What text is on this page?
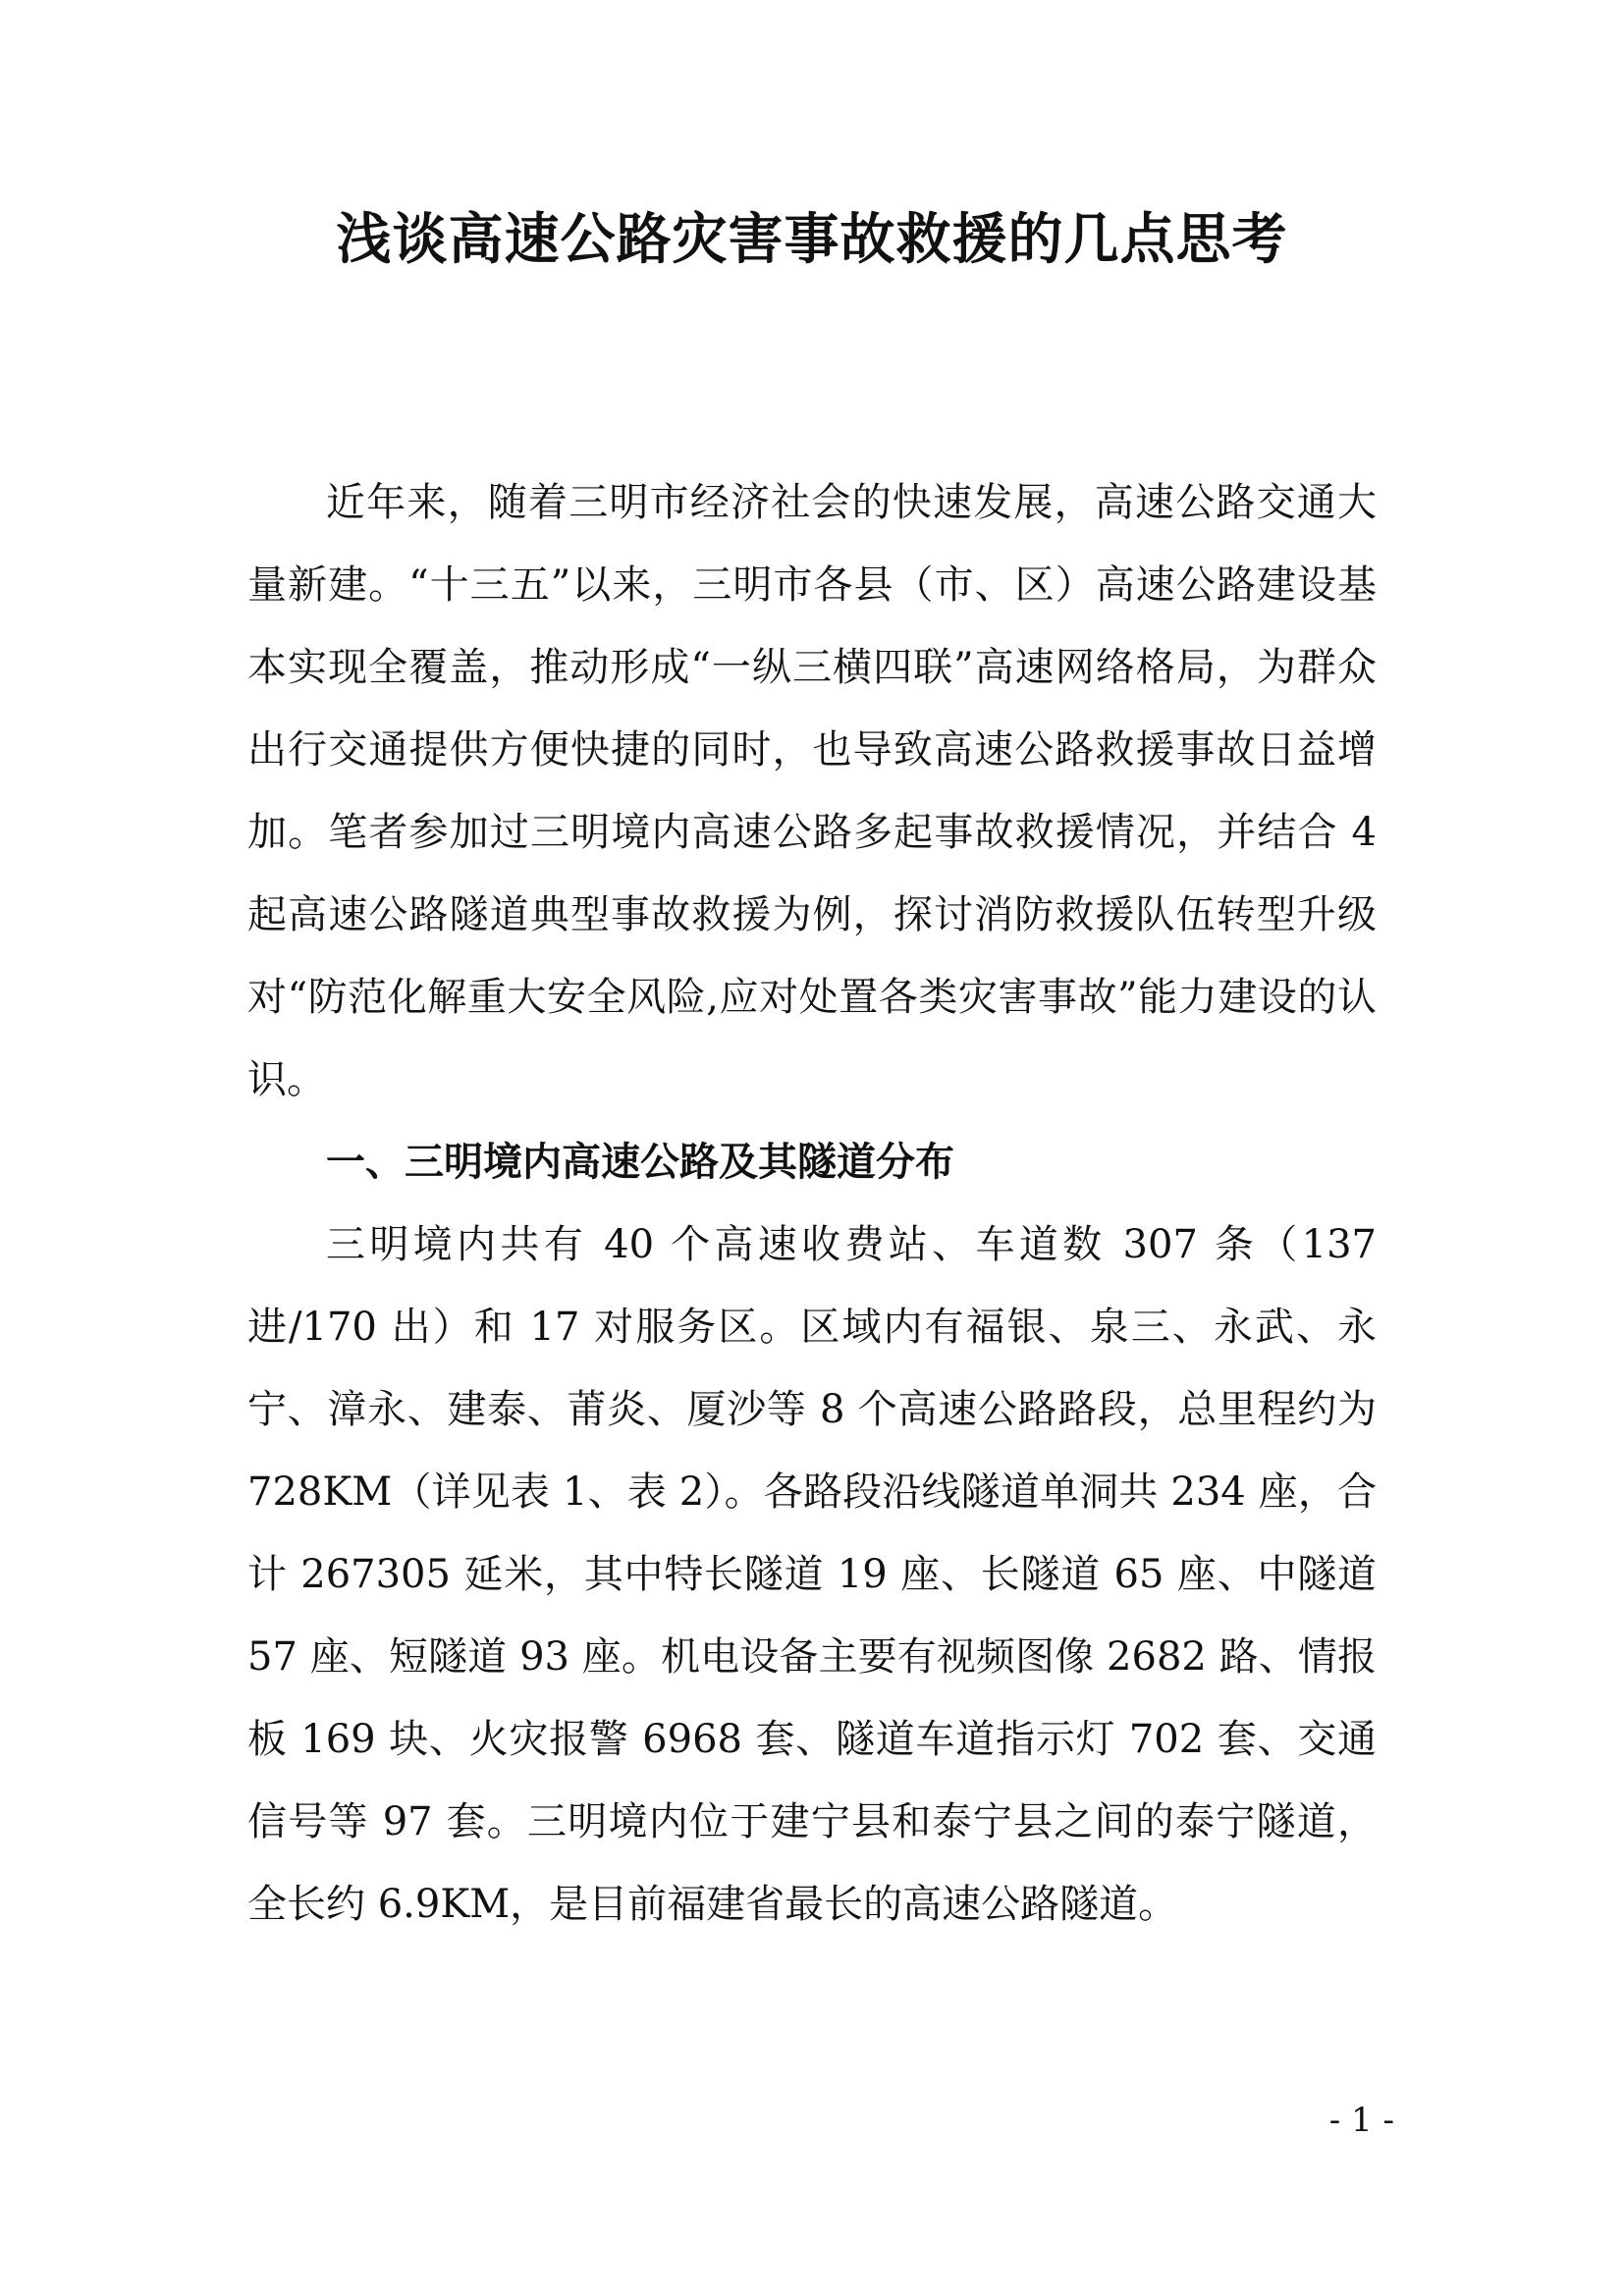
浅谈高速公路灾害事故救援的几点思考

近年来，随着三明市经济社会的快速发展，高速公路交通大量新建。“十三五”以来，三明市各县（市、区）高速公路建设基本实现全覆盖，推动形成“一纵三横四联”高速网络格局，为群众出行交通提供方便快捷的同时，也导致高速公路救援事故日益增加。笔者参加过三明境内高速公路多起事故救援情况，并结合 4 起高速公路隧道典型事故救援为例，探讨消防救援队伍转型升级对“防范化解重大安全风险,应对处置各类灾害事故”能力建设的认识。

一、三明境内高速公路及其隧道分布

三明境内共有 40 个高速收费站、车道数 307 条（137 进/170 出）和 17 对服务区。区域内有福银、泉三、永武、永宁、漳永、建泰、莆炎、厦沙等 8 个高速公路路段，总里程约为 728KM（详见表 1、表 2）。各路段沿线隧道单洞共 234 座，合计 267305 延米，其中特长隧道 19 座、长隧道 65 座、中隧道 57 座、短隧道 93 座。机电设备主要有视频图像 2682 路、情报板 169 块、火灾报警 6968 套、隧道车道指示灯 702 套、交通信号等 97 套。三明境内位于建宁县和泰宁县之间的泰宁隧道，全长约 6.9KM，是目前福建省最长的高速公路隧道。

- 1 -
